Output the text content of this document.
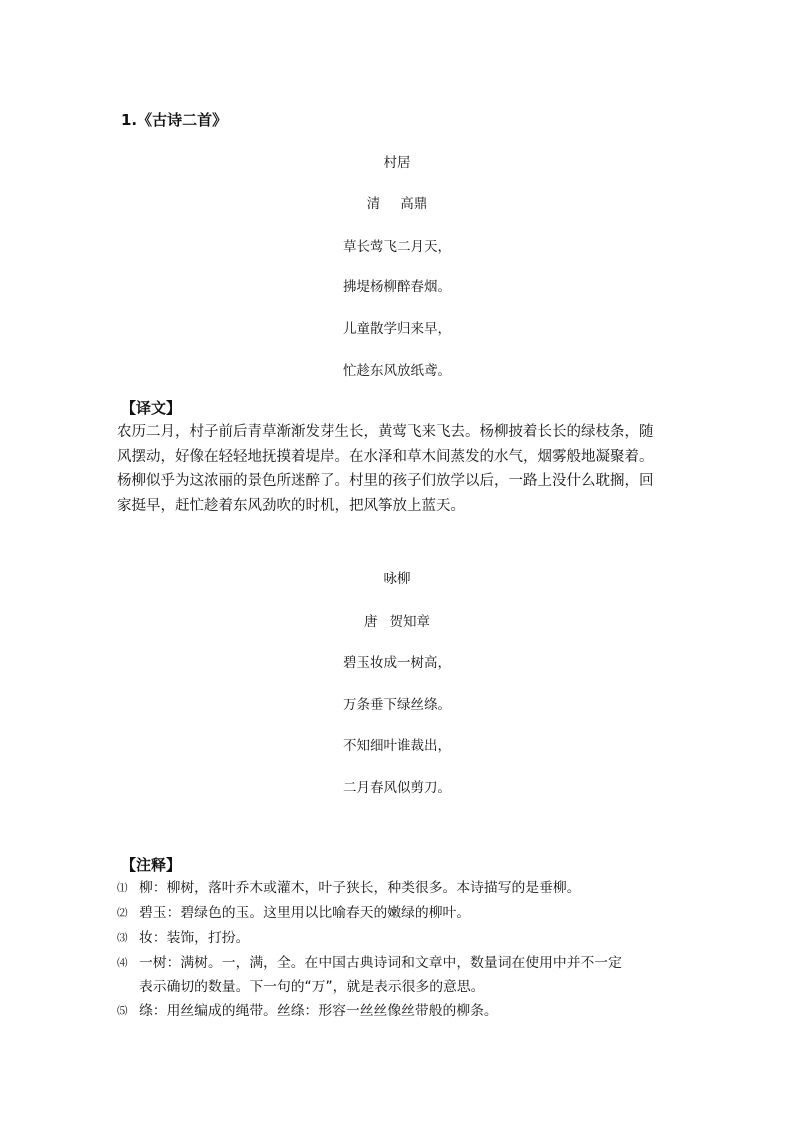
1.《古诗二首》
村居
清 高鼎
草长莺飞二月天，
拂堤杨柳醉春烟。
儿童散学归来早，
忙趁东风放纸鸢。
【译文】
农历二月，村子前后青草渐渐发芽生长，黄莺飞来飞去。杨柳披着长长的绿枝条，随
风摆动，好像在轻轻地抚摸着堤岸。在水泽和草木间蒸发的水气，烟雾般地凝聚着。
杨柳似乎为这浓丽的景色所迷醉了。村里的孩子们放学以后，一路上没什么耽搁，回
家挺早，赶忙趁着东风劲吹的时机，把风筝放上蓝天。
咏柳
唐 贺知章
碧玉妆成一树高，
万条垂下绿丝绦。
不知细叶谁裁出，
二月春风似剪刀。
【注释】
⑴ 柳：柳树，落叶乔木或灌木，叶子狭长，种类很多。本诗描写的是垂柳。
⑵ 碧玉：碧绿色的玉。这里用以比喻春天的嫩绿的柳叶。
⑶ 妆：装饰，打扮。
⑷ 一树：满树。一，满，全。在中国古典诗词和文章中，数量词在使用中并不一定
表示确切的数量。下一句的“万”，就是表示很多的意思。
⑸ 绦：用丝编成的绳带。丝绦：形容一丝丝像丝带般的柳条。
